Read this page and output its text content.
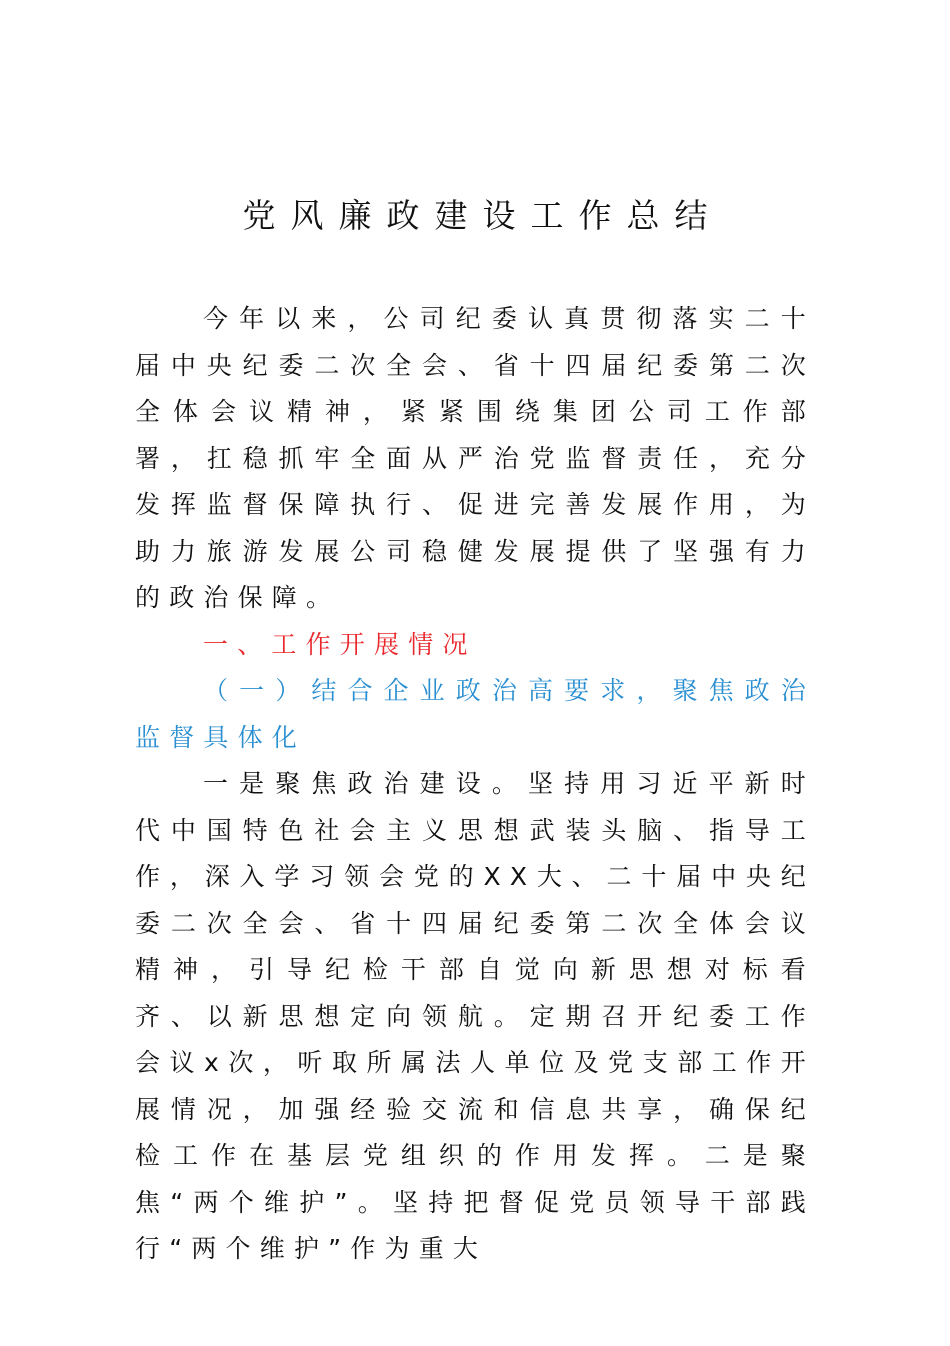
党风廉政建设工作总结

今年以来，公司纪委认真贯彻落实二十届中央纪委二次全会、省十四届纪委第二次全体会议精神，紧紧围绕集团公司工作部署，扛稳抓牢全面从严治党监督责任，充分发挥监督保障执行、促进完善发展作用，为助力旅游发展公司稳健发展提供了坚强有力的政治保障。

一、工作开展情况

（一）结合企业政治高要求，聚焦政治监督具体化

一是聚焦政治建设。坚持用习近平新时代中国特色社会主义思想武装头脑、指导工作，深入学习领会党的XX大、二十届中央纪委二次全会、省十四届纪委第二次全体会议精神，引导纪检干部自觉向新思想对标看齐、以新思想定向领航。定期召开纪委工作会议x次，听取所属法人单位及党支部工作开展情况，加强经验交流和信息共享，确保纪检工作在基层党组织的作用发挥。二是聚焦“两个维护”。坚持把督促党员领导干部践行“两个维护”作为重大
